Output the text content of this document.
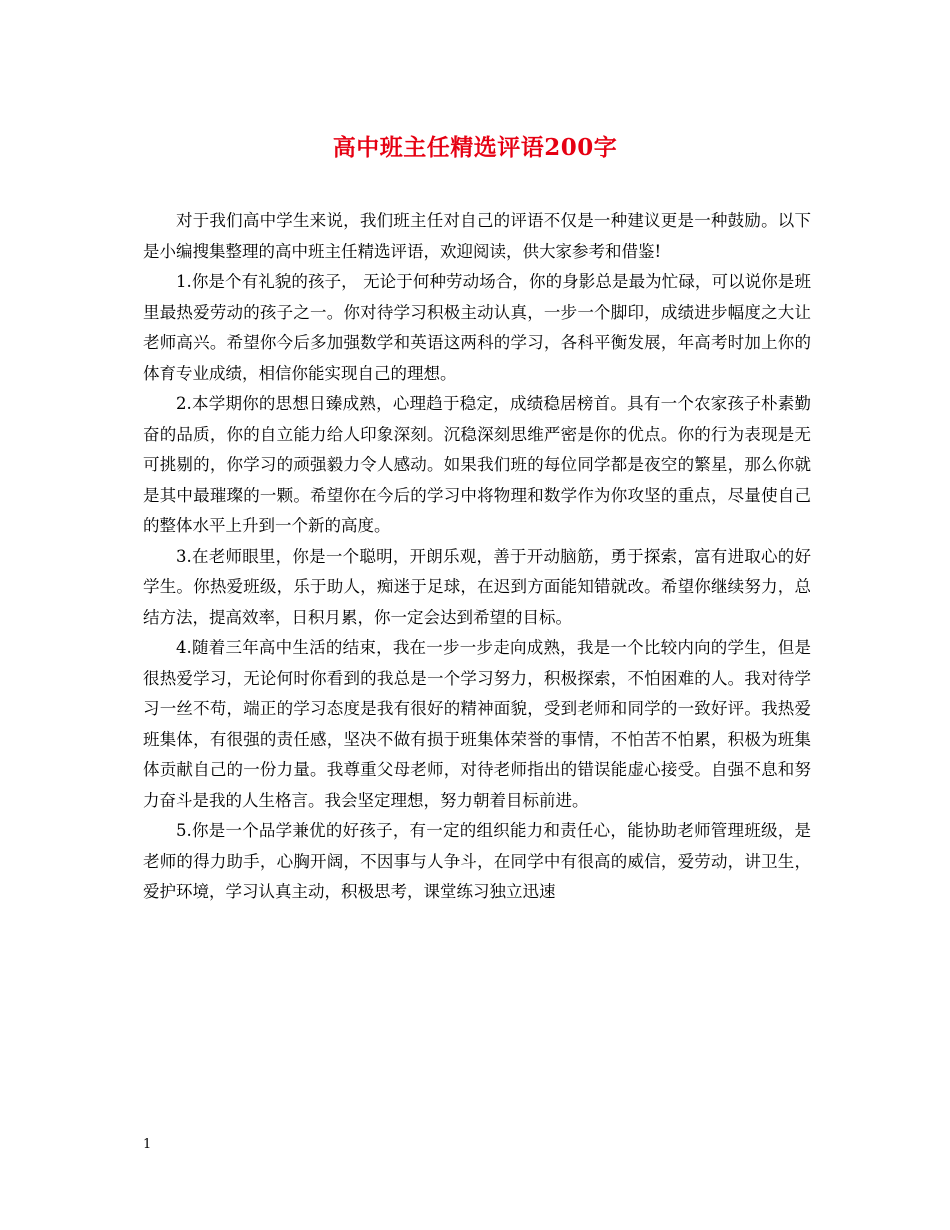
高中班主任精选评语200字

对于我们高中学生来说，我们班主任对自己的评语不仅是一种建议更是一种鼓励。以下是小编搜集整理的高中班主任精选评语，欢迎阅读，供大家参考和借鉴!

1.你是个有礼貌的孩子， 无论于何种劳动场合，你的身影总是最为忙碌，可以说你是班里最热爱劳动的孩子之一。你对待学习积极主动认真，一步一个脚印，成绩进步幅度之大让老师高兴。希望你今后多加强数学和英语这两科的学习，各科平衡发展，年高考时加上你的体育专业成绩，相信你能实现自己的理想。

2.本学期你的思想日臻成熟，心理趋于稳定，成绩稳居榜首。具有一个农家孩子朴素勤奋的品质，你的自立能力给人印象深刻。沉稳深刻思维严密是你的优点。你的行为表现是无可挑剔的，你学习的顽强毅力令人感动。如果我们班的每位同学都是夜空的繁星，那么你就是其中最璀璨的一颗。希望你在今后的学习中将物理和数学作为你攻坚的重点，尽量使自己的整体水平上升到一个新的高度。

3.在老师眼里，你是一个聪明，开朗乐观，善于开动脑筋，勇于探索，富有进取心的好学生。你热爱班级，乐于助人，痴迷于足球，在迟到方面能知错就改。希望你继续努力，总结方法，提高效率，日积月累，你一定会达到希望的目标。

4.随着三年高中生活的结束，我在一步一步走向成熟，我是一个比较内向的学生，但是很热爱学习，无论何时你看到的我总是一个学习努力，积极探索，不怕困难的人。我对待学习一丝不苟，端正的学习态度是我有很好的精神面貌，受到老师和同学的一致好评。我热爱班集体，有很强的责任感，坚决不做有损于班集体荣誉的事情，不怕苦不怕累，积极为班集体贡献自己的一份力量。我尊重父母老师，对待老师指出的错误能虚心接受。自强不息和努力奋斗是我的人生格言。我会坚定理想，努力朝着目标前进。

5.你是一个品学兼优的好孩子，有一定的组织能力和责任心，能协助老师管理班级，是老师的得力助手，心胸开阔，不因事与人争斗，在同学中有很高的威信，爱劳动，讲卫生，爱护环境，学习认真主动，积极思考，课堂练习独立迅速

1
